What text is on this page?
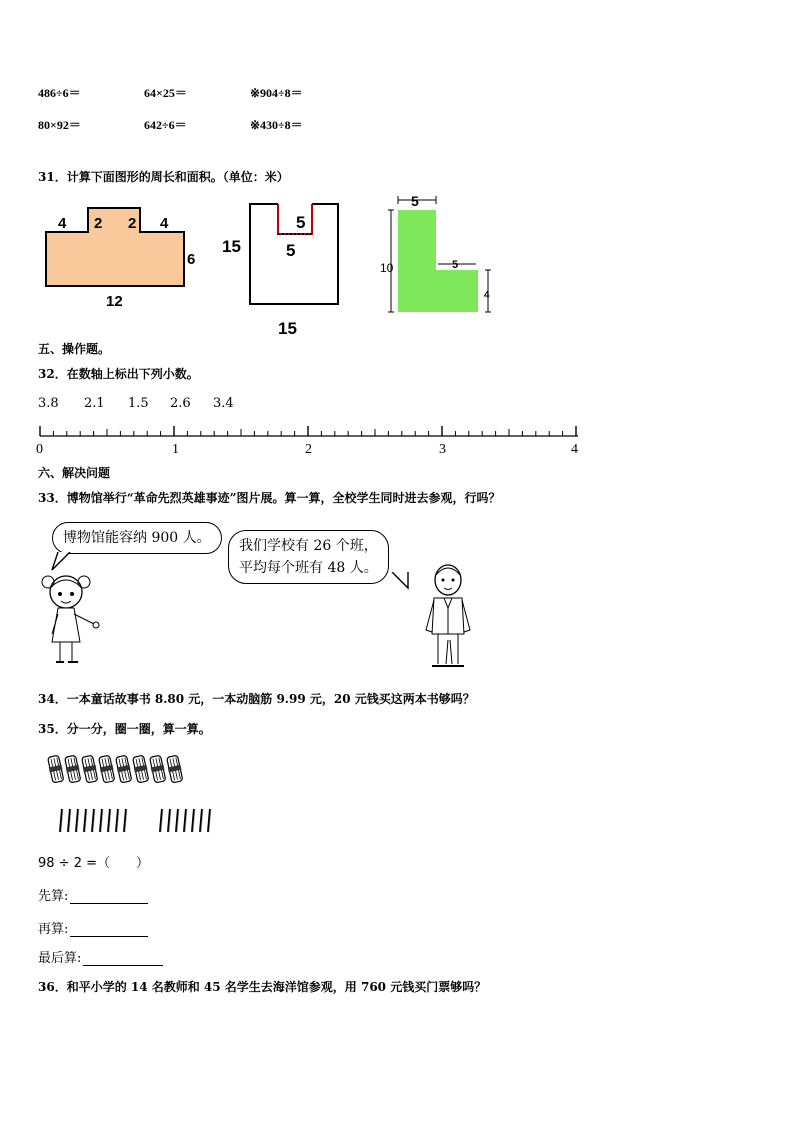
486÷6＝	64×25＝	※904÷8＝
80×92＝	642÷6＝	※430÷8＝
31．计算下面图形的周长和面积。（单位：米）
4 2 2 4
6
12
5
5
15
15
5
10	5
4
五、操作题。
32．在数轴上标出下列小数。
3.8 2.1 1.5 2.6 3.4
0	1	2	3	4
六、解决问题
33．博物馆举行“革命先烈英雄事迹”图片展。算一算，全校学生同时进去参观，行吗？
博物馆能容纳 900 人。	我们学校有 26 个班，
平均每个班有 48 人。
34．一本童话故事书 8.80 元，一本动脑筋 9.99 元，20 元钱买这两本书够吗？
35．分一分，圈一圈，算一算。
98 ÷ 2 =（　　）
先算:
再算:
最后算:
36．和平小学的 14 名教师和 45 名学生去海洋馆参观，用 760 元钱买门票够吗？
